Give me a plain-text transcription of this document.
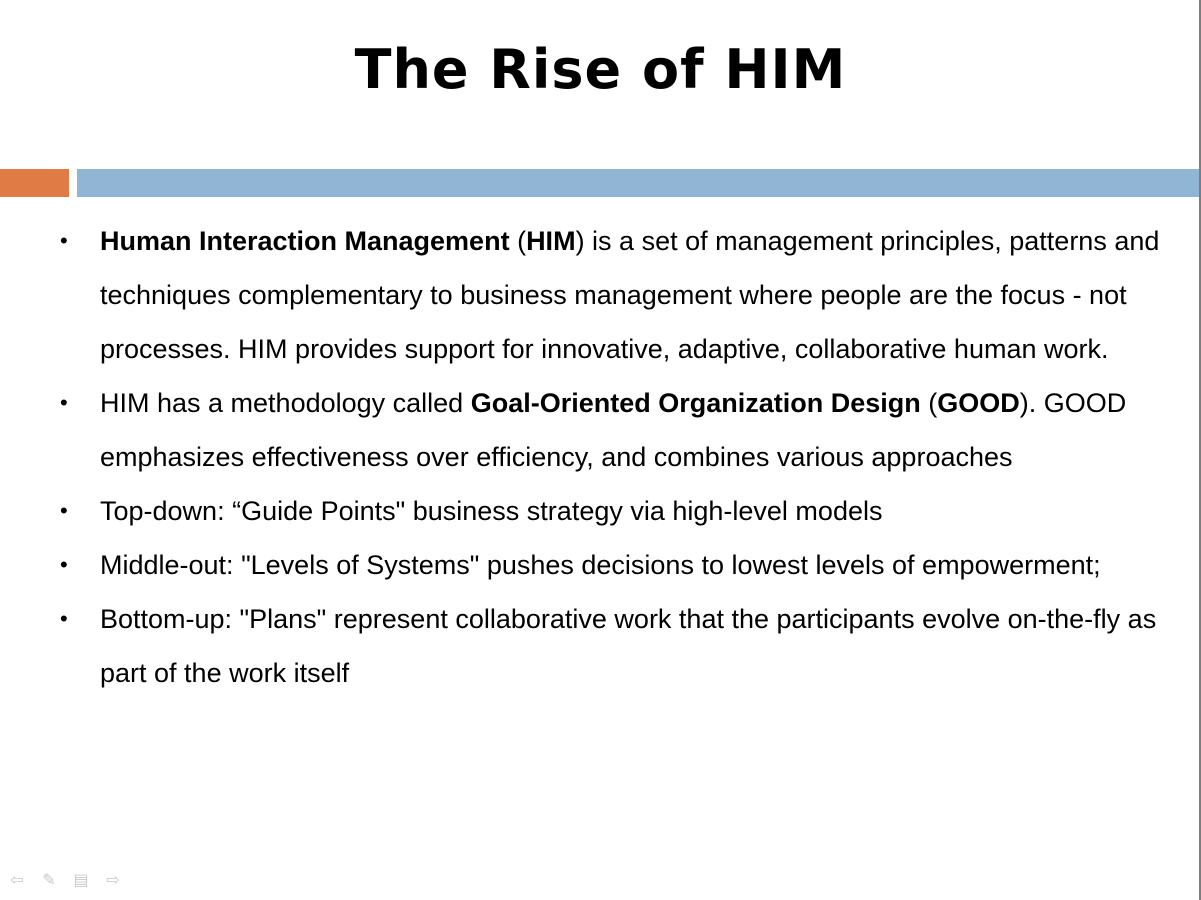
The Rise of HIM
• Human Interaction Management (HIM) is a set of management principles, patterns and techniques complementary to business management where people are the focus - not processes. HIM provides support for innovative, adaptive, collaborative human work.
• HIM has a methodology called Goal-Oriented Organization Design (GOOD). GOOD emphasizes effectiveness over efficiency, and combines various approaches
• Top-down: “Guide Points" business strategy via high-level models
• Middle-out: "Levels of Systems" pushes decisions to lowest levels of empowerment;
• Bottom-up: "Plans" represent collaborative work that the participants evolve on-the-fly as part of the work itself
⇦ ✎ ▤ ⇨
